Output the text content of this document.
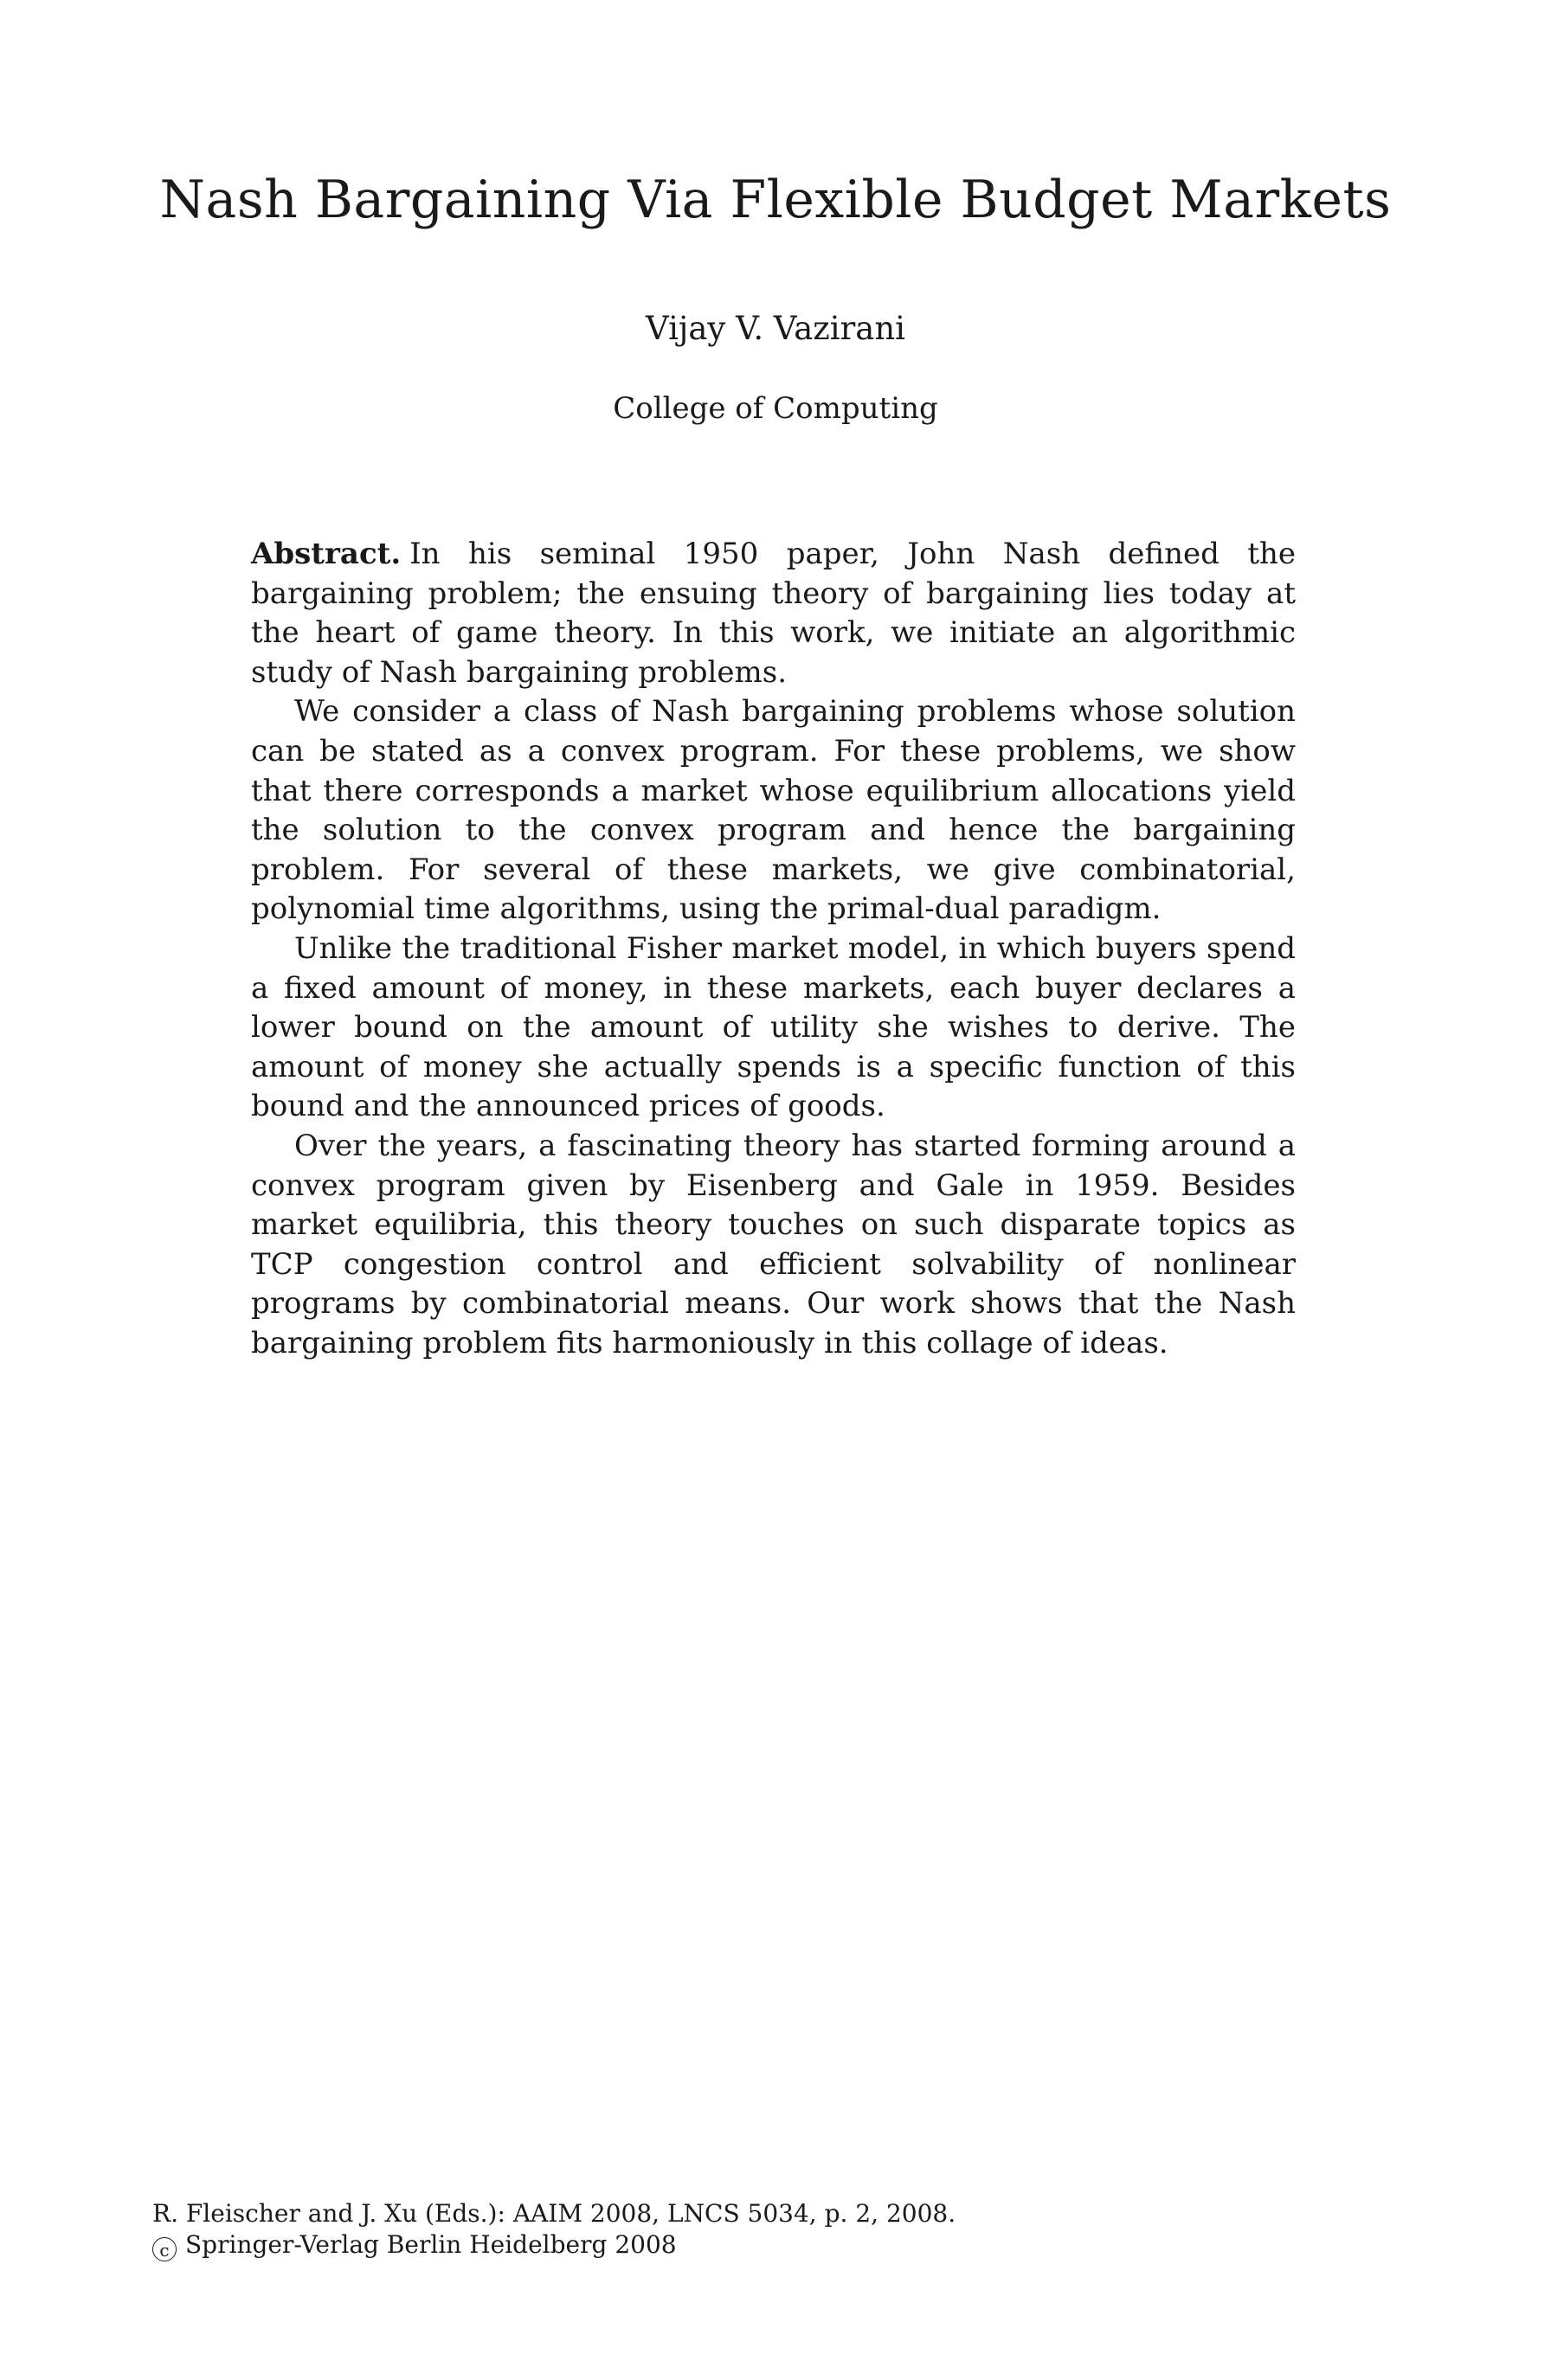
Nash Bargaining Via Flexible Budget Markets
Vijay V. Vazirani
College of Computing

Abstract. In his seminal 1950 paper, John Nash defined the bargaining problem; the ensuing theory of bargaining lies today at the heart of game theory. In this work, we initiate an algorithmic study of Nash bargaining problems.

We consider a class of Nash bargaining problems whose solution can be stated as a convex program. For these problems, we show that there corresponds a market whose equilibrium allocations yield the solution to the convex program and hence the bargaining problem. For several of these markets, we give combinatorial, polynomial time algorithms, using the primal-dual paradigm.

Unlike the traditional Fisher market model, in which buyers spend a fixed amount of money, in these markets, each buyer declares a lower bound on the amount of utility she wishes to derive. The amount of money she actually spends is a specific function of this bound and the announced prices of goods.

Over the years, a fascinating theory has started forming around a convex program given by Eisenberg and Gale in 1959. Besides market equilibria, this theory touches on such disparate topics as TCP congestion control and efficient solvability of nonlinear programs by combinatorial means. Our work shows that the Nash bargaining problem fits harmoniously in this collage of ideas.

R. Fleischer and J. Xu (Eds.): AAIM 2008, LNCS 5034, p. 2, 2008.
c Springer-Verlag Berlin Heidelberg 2008
